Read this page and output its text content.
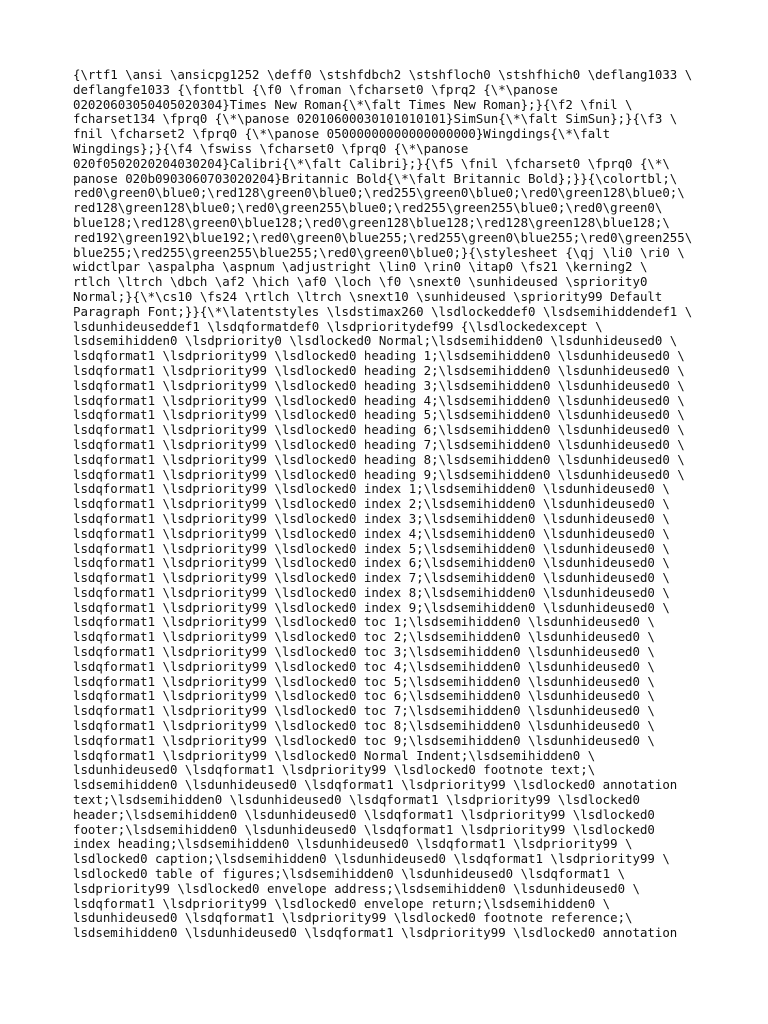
{\rtf1 \ansi \ansicpg1252 \deff0 \stshfdbch2 \stshfloch0 \stshfhich0 \deflang1033 \
deflangfe1033 {\fonttbl {\f0 \froman \fcharset0 \fprq2 {\*\panose
02020603050405020304}Times New Roman{\*\falt Times New Roman};}{\f2 \fnil \
fcharset134 \fprq0 {\*\panose 02010600030101010101}SimSun{\*\falt SimSun};}{\f3 \
fnil \fcharset2 \fprq0 {\*\panose 05000000000000000000}Wingdings{\*\falt
Wingdings};}{\f4 \fswiss \fcharset0 \fprq0 {\*\panose
020f0502020204030204}Calibri{\*\falt Calibri};}{\f5 \fnil \fcharset0 \fprq0 {\*\
panose 020b0903060703020204}Britannic Bold{\*\falt Britannic Bold};}}{\colortbl;\
red0\green0\blue0;\red128\green0\blue0;\red255\green0\blue0;\red0\green128\blue0;\
red128\green128\blue0;\red0\green255\blue0;\red255\green255\blue0;\red0\green0\
blue128;\red128\green0\blue128;\red0\green128\blue128;\red128\green128\blue128;\
red192\green192\blue192;\red0\green0\blue255;\red255\green0\blue255;\red0\green255\
blue255;\red255\green255\blue255;\red0\green0\blue0;}{\stylesheet {\qj \li0 \ri0 \
widctlpar \aspalpha \aspnum \adjustright \lin0 \rin0 \itap0 \fs21 \kerning2 \
rtlch \ltrch \dbch \af2 \hich \af0 \loch \f0 \snext0 \sunhideused \spriority0
Normal;}{\*\cs10 \fs24 \rtlch \ltrch \snext10 \sunhideused \spriority99 Default
Paragraph Font;}}{\*\latentstyles \lsdstimax260 \lsdlockeddef0 \lsdsemihiddendef1 \
lsdunhideuseddef1 \lsdqformatdef0 \lsdprioritydef99 {\lsdlockedexcept \
lsdsemihidden0 \lsdpriority0 \lsdlocked0 Normal;\lsdsemihidden0 \lsdunhideused0 \
lsdqformat1 \lsdpriority99 \lsdlocked0 heading 1;\lsdsemihidden0 \lsdunhideused0 \
lsdqformat1 \lsdpriority99 \lsdlocked0 heading 2;\lsdsemihidden0 \lsdunhideused0 \
lsdqformat1 \lsdpriority99 \lsdlocked0 heading 3;\lsdsemihidden0 \lsdunhideused0 \
lsdqformat1 \lsdpriority99 \lsdlocked0 heading 4;\lsdsemihidden0 \lsdunhideused0 \
lsdqformat1 \lsdpriority99 \lsdlocked0 heading 5;\lsdsemihidden0 \lsdunhideused0 \
lsdqformat1 \lsdpriority99 \lsdlocked0 heading 6;\lsdsemihidden0 \lsdunhideused0 \
lsdqformat1 \lsdpriority99 \lsdlocked0 heading 7;\lsdsemihidden0 \lsdunhideused0 \
lsdqformat1 \lsdpriority99 \lsdlocked0 heading 8;\lsdsemihidden0 \lsdunhideused0 \
lsdqformat1 \lsdpriority99 \lsdlocked0 heading 9;\lsdsemihidden0 \lsdunhideused0 \
lsdqformat1 \lsdpriority99 \lsdlocked0 index 1;\lsdsemihidden0 \lsdunhideused0 \
lsdqformat1 \lsdpriority99 \lsdlocked0 index 2;\lsdsemihidden0 \lsdunhideused0 \
lsdqformat1 \lsdpriority99 \lsdlocked0 index 3;\lsdsemihidden0 \lsdunhideused0 \
lsdqformat1 \lsdpriority99 \lsdlocked0 index 4;\lsdsemihidden0 \lsdunhideused0 \
lsdqformat1 \lsdpriority99 \lsdlocked0 index 5;\lsdsemihidden0 \lsdunhideused0 \
lsdqformat1 \lsdpriority99 \lsdlocked0 index 6;\lsdsemihidden0 \lsdunhideused0 \
lsdqformat1 \lsdpriority99 \lsdlocked0 index 7;\lsdsemihidden0 \lsdunhideused0 \
lsdqformat1 \lsdpriority99 \lsdlocked0 index 8;\lsdsemihidden0 \lsdunhideused0 \
lsdqformat1 \lsdpriority99 \lsdlocked0 index 9;\lsdsemihidden0 \lsdunhideused0 \
lsdqformat1 \lsdpriority99 \lsdlocked0 toc 1;\lsdsemihidden0 \lsdunhideused0 \
lsdqformat1 \lsdpriority99 \lsdlocked0 toc 2;\lsdsemihidden0 \lsdunhideused0 \
lsdqformat1 \lsdpriority99 \lsdlocked0 toc 3;\lsdsemihidden0 \lsdunhideused0 \
lsdqformat1 \lsdpriority99 \lsdlocked0 toc 4;\lsdsemihidden0 \lsdunhideused0 \
lsdqformat1 \lsdpriority99 \lsdlocked0 toc 5;\lsdsemihidden0 \lsdunhideused0 \
lsdqformat1 \lsdpriority99 \lsdlocked0 toc 6;\lsdsemihidden0 \lsdunhideused0 \
lsdqformat1 \lsdpriority99 \lsdlocked0 toc 7;\lsdsemihidden0 \lsdunhideused0 \
lsdqformat1 \lsdpriority99 \lsdlocked0 toc 8;\lsdsemihidden0 \lsdunhideused0 \
lsdqformat1 \lsdpriority99 \lsdlocked0 toc 9;\lsdsemihidden0 \lsdunhideused0 \
lsdqformat1 \lsdpriority99 \lsdlocked0 Normal Indent;\lsdsemihidden0 \
lsdunhideused0 \lsdqformat1 \lsdpriority99 \lsdlocked0 footnote text;\
lsdsemihidden0 \lsdunhideused0 \lsdqformat1 \lsdpriority99 \lsdlocked0 annotation
text;\lsdsemihidden0 \lsdunhideused0 \lsdqformat1 \lsdpriority99 \lsdlocked0
header;\lsdsemihidden0 \lsdunhideused0 \lsdqformat1 \lsdpriority99 \lsdlocked0
footer;\lsdsemihidden0 \lsdunhideused0 \lsdqformat1 \lsdpriority99 \lsdlocked0
index heading;\lsdsemihidden0 \lsdunhideused0 \lsdqformat1 \lsdpriority99 \
lsdlocked0 caption;\lsdsemihidden0 \lsdunhideused0 \lsdqformat1 \lsdpriority99 \
lsdlocked0 table of figures;\lsdsemihidden0 \lsdunhideused0 \lsdqformat1 \
lsdpriority99 \lsdlocked0 envelope address;\lsdsemihidden0 \lsdunhideused0 \
lsdqformat1 \lsdpriority99 \lsdlocked0 envelope return;\lsdsemihidden0 \
lsdunhideused0 \lsdqformat1 \lsdpriority99 \lsdlocked0 footnote reference;\
lsdsemihidden0 \lsdunhideused0 \lsdqformat1 \lsdpriority99 \lsdlocked0 annotation
